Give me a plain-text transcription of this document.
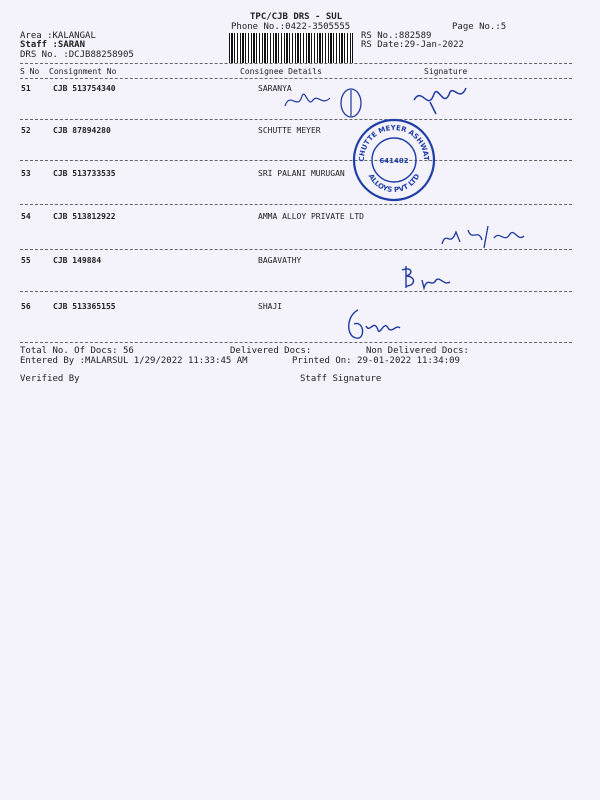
TPC/CJB DRS - SUL
Phone No.:0422-3505555	Page No.:5
Area :KALANGAL
Staff :SARAN
DRS No. :DCJB88258905
RS No.:882589
RS Date:29-Jan-2022
S No Consignment No	Consignee Details	Signature
51	CJB 513754340	SARANYA
52	CJB 87894280	SCHUTTE MEYER
53	CJB 513733535	SRI PALANI MURUGAN
54	CJB 513812922	AMMA ALLOY PRIVATE LTD
55	CJB 149884	BAGAVATHY
56	CJB 513365155	SHAJI
Total No. Of Docs: 56	Delivered Docs:	Non Delivered Docs:
Entered By :MALARSUL 1/29/2022 11:33:45 AM	Printed On: 29-01-2022 11:34:09
Verified By	Staff Signature
SCHUTTE MEYER ASHWATH
ALLOYS PVT LTD
641402
